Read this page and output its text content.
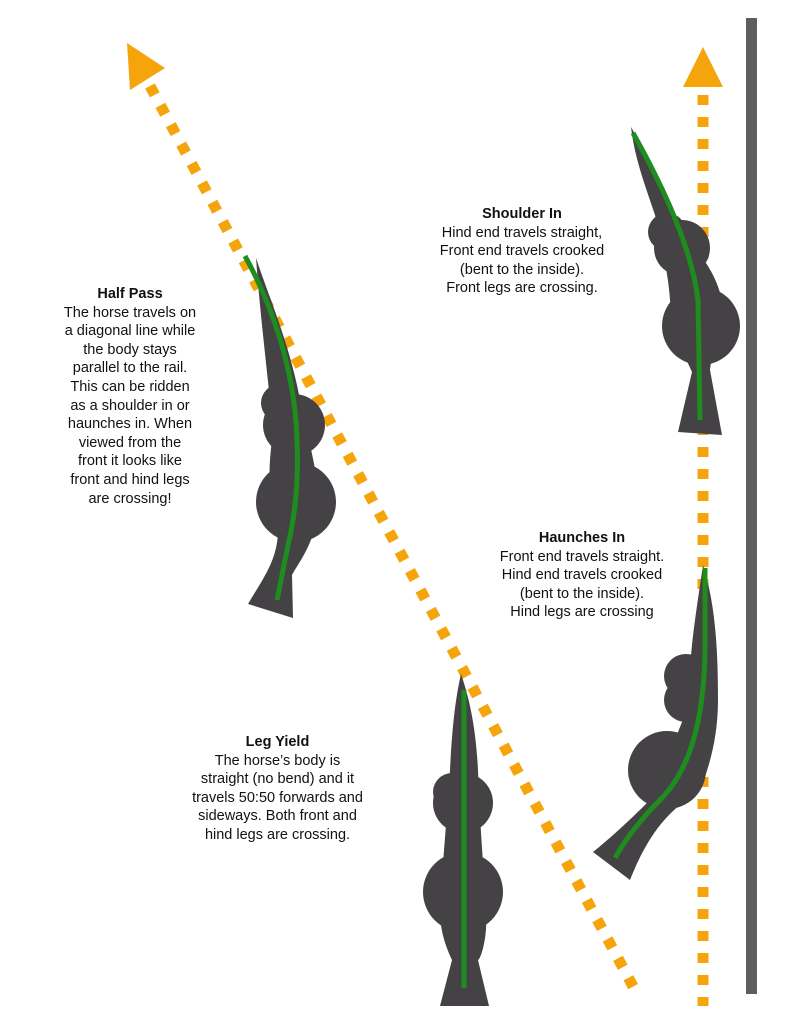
Half Pass
The horse travels on
a diagonal line while
the body stays
parallel to the rail.
This can be ridden
as a shoulder in or
haunches in. When
viewed from the
front it looks like
front and hind legs
are crossing!
Shoulder In
Hind end travels straight,
Front end travels crooked
(bent to the inside).
Front legs are crossing.
Haunches In
Front end travels straight.
Hind end travels crooked
(bent to the inside).
Hind legs are crossing
Leg Yield
The horse’s body is
straight (no bend) and it
travels 50:50 forwards and
sideways. Both front and
hind legs are crossing.
